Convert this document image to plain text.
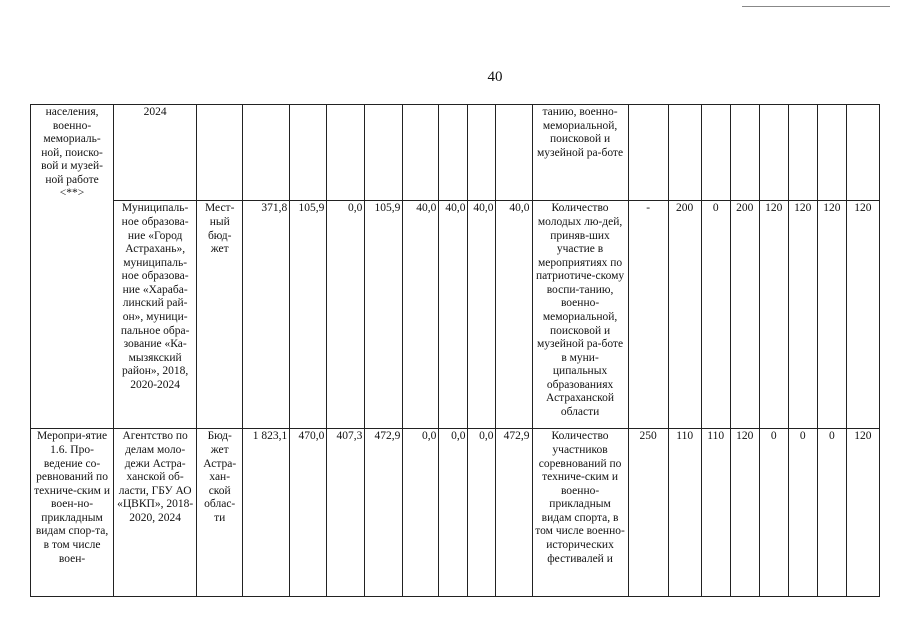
40
населения, военно-мемориаль-ной, поиско-вой и музей-ной работе <**>	2024										танию, военно-мемориальной, поисковой и музейной ра-боте								
	Муниципаль-ное образова-ние «Город Астрахань», муниципаль-ное образова-ние «Харабa-линский рай-он», муници-пальное обра-зование «Ка-мызякский район», 2018, 2020-2024	Мест-ный бюд-жет	371,8	105,9	0,0	105,9	40,0	40,0	40,0	40,0	Количество молодых лю-дей, приняв-ших участие в мероприятиях по патриотиче-скому воспи-танию, военно-мемориальной, поисковой и музейной ра-боте в муни-ципальных образованиях Астраханской области	-	200	0	200	120	120	120	120
Меропри-ятие 1.6. Про-ведение со-ревнований по техниче-ским и воен-но-прикладным видам спор-та, в том числе воен-	Агентство по делам моло-дежи Астра-ханской об-ласти, ГБУ АО «ЦВКП», 2018-2020, 2024	Бюд-жет Астра-хан-ской облас-ти	1 823,1	470,0	407,3	472,9	0,0	0,0	0,0	472,9	Количество участников соревнований по техниче-ским и военно-прикладным видам спорта, в том числе военно-исторических фестивалей и	250	110	110	120	0	0	0	120
